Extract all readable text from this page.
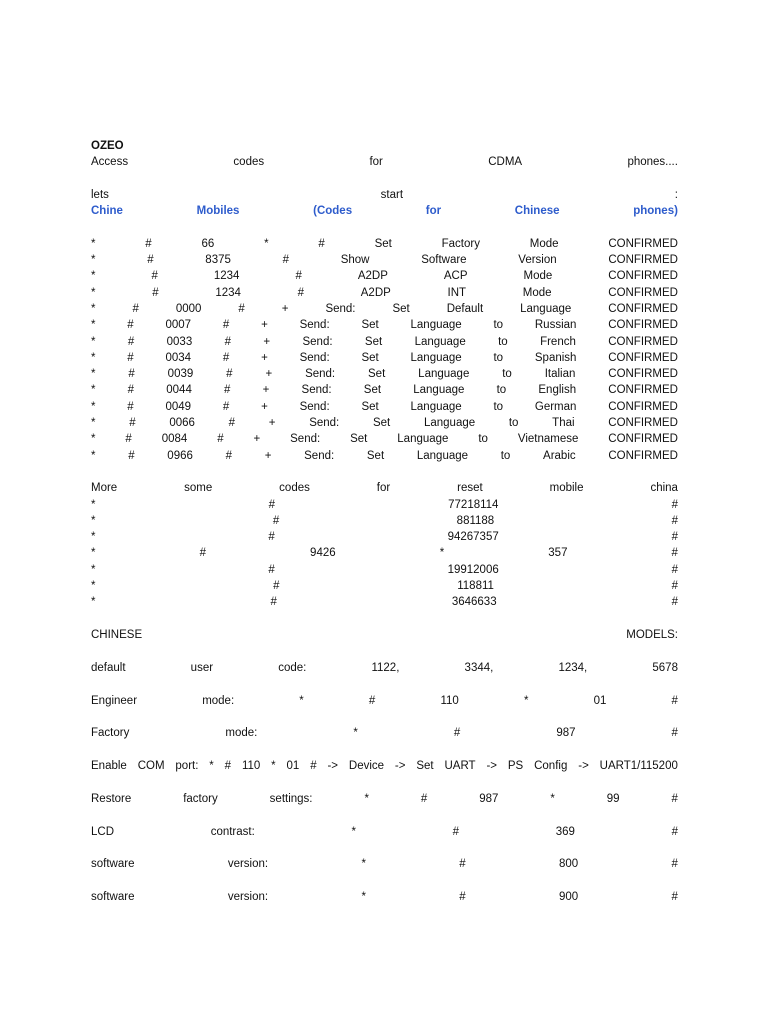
OZEO
Access	codes	for	CDMA	phones....
lets	start	:
Chine	Mobiles	(Codes	for	Chinese	phones)
*	#	66	*	#	Set	Factory	Mode	CONFIRMED
*	#	8375	#	Show	Software	Version	CONFIRMED
*	#	1234	#	A2DP	ACP	Mode	CONFIRMED
*	#	1234	#	A2DP	INT	Mode	CONFIRMED
*	#	0000	#	+	Send:	Set	Default	Language	CONFIRMED
*	#	0007	#	+	Send:	Set	Language	to	Russian	CONFIRMED
*	#	0033	#	+	Send:	Set	Language	to	French	CONFIRMED
*	#	0034	#	+	Send:	Set	Language	to	Spanish	CONFIRMED
*	#	0039	#	+	Send:	Set	Language	to	Italian	CONFIRMED
*	#	0044	#	+	Send:	Set	Language	to	English	CONFIRMED
*	#	0049	#	+	Send:	Set	Language	to	German	CONFIRMED
*	#	0066	#	+	Send:	Set	Language	to	Thai	CONFIRMED
*	#	0084	#	+	Send:	Set	Language	to	Vietnamese	CONFIRMED
*	#	0966	#	+	Send:	Set	Language	to	Arabic	CONFIRMED
More	some	codes	for	reset	mobile	china
*	#	77218114	#
*	#	881188	#
*	#	94267357	#
*	#	9426	*	357	#
*	#	19912006	#
*	#	118811	#
*	#	3646633	#
CHINESE	MODELS:
default	user	code:	1122,	3344,	1234,	5678
Engineer	mode:	*	#	110	*	01	#
Factory	mode:	*	#	987	#
Enable COM port: * # 110 * 01 # -> Device -> Set UART -> PS Config -> UART1/115200
Restore	factory	settings:	*	#	987	*	99	#
LCD	contrast:	*	#	369	#
software	version:	*	#	800	#
software	version:	*	#	900	#
